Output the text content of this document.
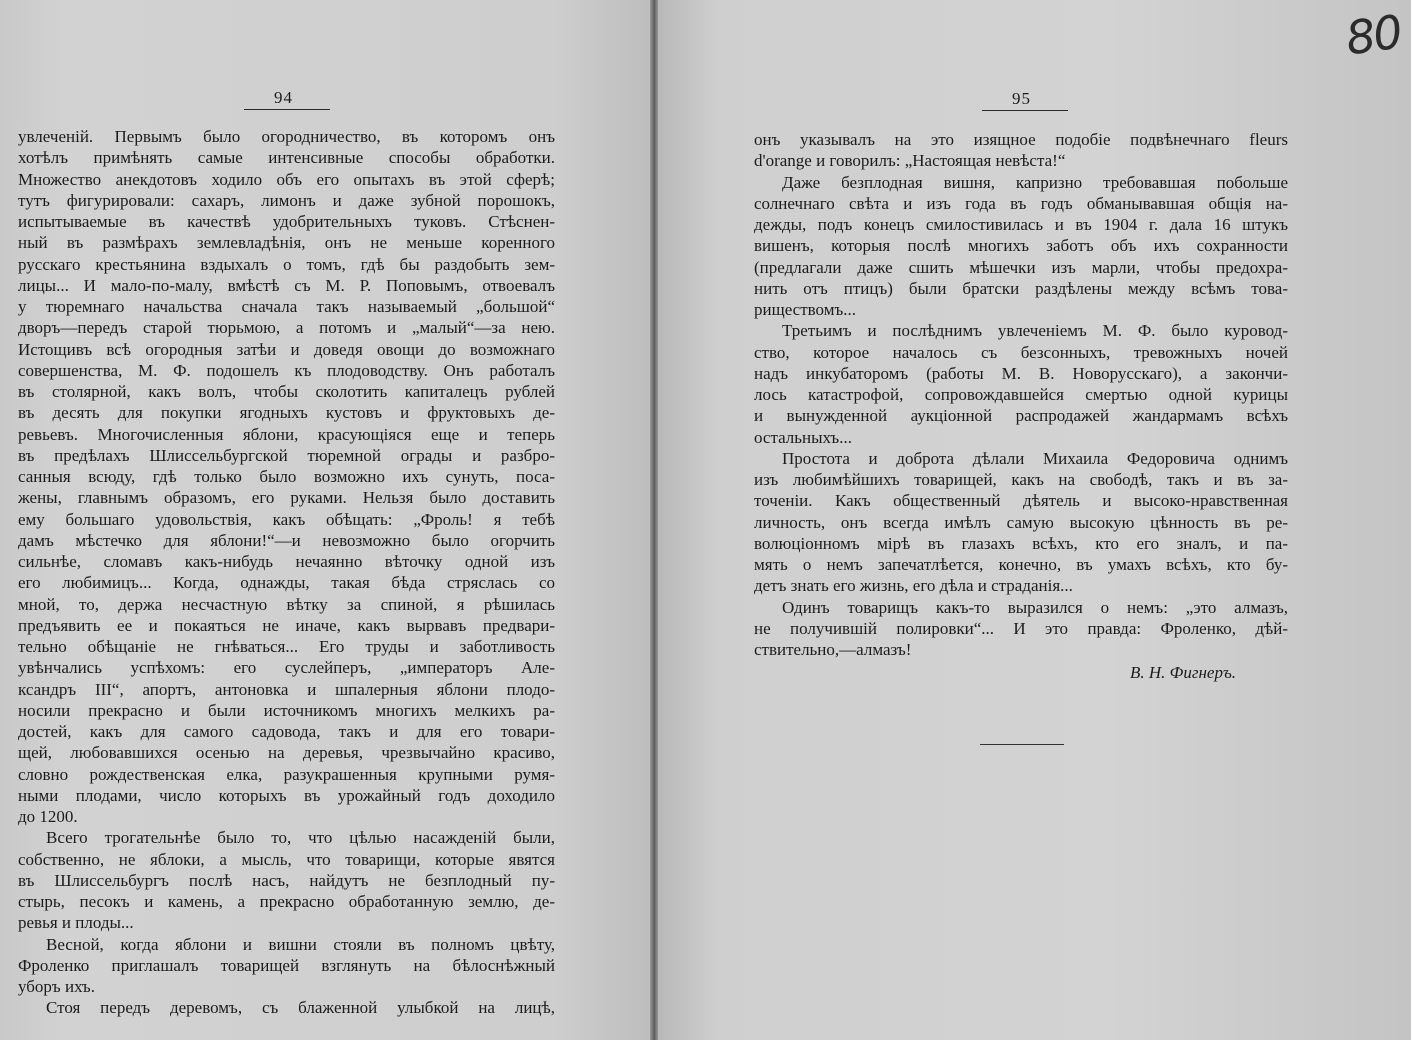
94
увлеченій. Первымъ было огородничество, въ которомъ онъ
хотѣлъ примѣнять самые интенсивные способы обработки.
Множество анекдотовъ ходило объ его опытахъ въ этой сферѣ;
тутъ фигурировали: сахаръ, лимонъ и даже зубной порошокъ,
испытываемые въ качествѣ удобрительныхъ туковъ. Стѣснен-
ный въ размѣрахъ землевладѣнія, онъ не меньше коренного
русскаго крестьянина вздыхалъ о томъ, гдѣ бы раздобыть зем-
лицы... И мало-по-малу, вмѣстѣ съ М. Р. Поповымъ, отвоевалъ
у тюремнаго начальства сначала такъ называемый „большой“
дворъ—передъ старой тюрьмою, а потомъ и „малый“—за нею.
Истощивъ всѣ огородныя затѣи и доведя овощи до возможнаго
совершенства, М. Ф. подошелъ къ плодоводству. Онъ работалъ
въ столярной, какъ волъ, чтобы сколотить капиталецъ рублей
въ десять для покупки ягодныхъ кустовъ и фруктовыхъ де-
ревьевъ. Многочисленныя яблони, красующіяся еще и теперь
въ предѣлахъ Шлиссельбургской тюремной ограды и разбро-
санныя всюду, гдѣ только было возможно ихъ сунуть, поса-
жены, главнымъ образомъ, его руками. Нельзя было доставить
ему большаго удовольствія, какъ обѣщать: „Фроль! я тебѣ
дамъ мѣстечко для яблони!“—и невозможно было огорчить
сильнѣе, сломавъ какъ-нибудь нечаянно вѣточку одной изъ
его любимицъ... Когда, однажды, такая бѣда стряслась со
мной, то, держа несчастную вѣтку за спиной, я рѣшилась
предъявить ее и покаяться не иначе, какъ вырвавъ предвари-
тельно обѣщаніе не гнѣваться... Его труды и заботливость
увѣнчались успѣхомъ: его суслейперъ, „императоръ Але-
ксандръ III“, апортъ, антоновка и шпалерныя яблони плодо-
носили прекрасно и были источникомъ многихъ мелкихъ ра-
достей, какъ для самого садовода, такъ и для его товари-
щей, любовавшихся осенью на деревья, чрезвычайно красиво,
словно рождественская елка, разукрашенныя крупными румя-
ными плодами, число которыхъ въ урожайный годъ доходило
до 1200.
Всего трогательнѣе было то, что цѣлью насажденій были,
собственно, не яблоки, а мысль, что товарищи, которые явятся
въ Шлиссельбургъ послѣ насъ, найдутъ не безплодный пу-
стырь, песокъ и камень, а прекрасно обработанную землю, де-
ревья и плоды...
Весной, когда яблони и вишни стояли въ полномъ цвѣту,
Фроленко приглашалъ товарищей взглянуть на бѣлоснѣжный
уборъ ихъ.
Стоя передъ деревомъ, съ блаженной улыбкой на лицѣ,
95
онъ указывалъ на это изящное подобіе подвѣнечнаго fleurs
d'orange и говорилъ: „Настоящая невѣста!“
Даже безплодная вишня, капризно требовавшая побольше
солнечнаго свѣта и изъ года въ годъ обманывавшая общія на-
дежды, подъ конецъ смилостивилась и въ 1904 г. дала 16 штукъ
вишенъ, которыя послѣ многихъ заботъ объ ихъ сохранности
(предлагали даже сшить мѣшечки изъ марли, чтобы предохра-
нить отъ птицъ) были братски раздѣлены между всѣмъ това-
риществомъ...
Третьимъ и послѣднимъ увлеченіемъ М. Ф. было куровод-
ство, которое началось съ безсонныхъ, тревожныхъ ночей
надъ инкубаторомъ (работы М. В. Новорусскаго), а закончи-
лось катастрофой, сопровождавшейся смертью одной курицы
и вынужденной аукціонной распродажей жандармамъ всѣхъ
остальныхъ...
Простота и доброта дѣлали Михаила Федоровича однимъ
изъ любимѣйшихъ товарищей, какъ на свободѣ, такъ и въ за-
точеніи. Какъ общественный дѣятель и высоко-нравственная
личность, онъ всегда имѣлъ самую высокую цѣнность въ ре-
волюціонномъ мірѣ въ глазахъ всѣхъ, кто его зналъ, и па-
мять о немъ запечатлѣется, конечно, въ умахъ всѣхъ, кто бу-
детъ знать его жизнь, его дѣла и страданія...
Одинъ товарищъ какъ-то выразился о немъ: „это алмазъ,
не получившій полировки“... И это правда: Фроленко, дѣй-
ствительно,—алмазъ!
В. Н. Фигнеръ.
80
